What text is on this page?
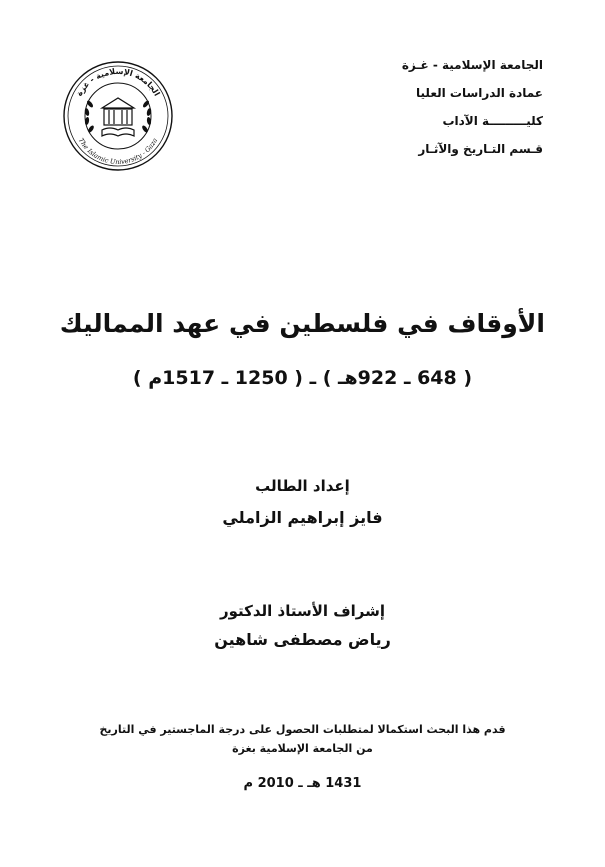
الجامعة الإسلامية - غزة
The Islamic University - Gaza
الجامعة الإسلامية - غـزة
عمادة الدراسات العليا
كليـــــــــة الآداب
قـسم التـاريخ والآثـار
الأوقاف في فلسطين في عهد المماليك
( 648 ـ 922هـ ) ـ ( 1250 ـ 1517م )
إعداد الطالب
فايز إبراهيم الزاملي
إشراف الأستاذ الدكتور
رياض مصطفى شاهين
قدم هذا البحث استكمالا لمتطلبات الحصول على درجة الماجستير في التاريخ
من الجامعة الإسلامية بغزة
1431 هـ ـ 2010 م
